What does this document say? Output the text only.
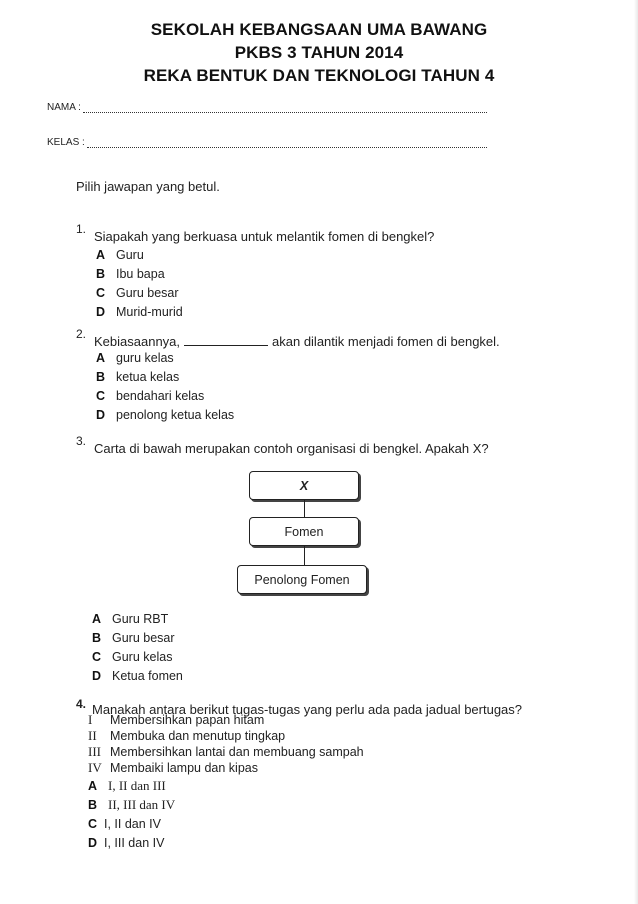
SEKOLAH KEBANGSAAN UMA BAWANG
PKBS 3 TAHUN 2014
REKA BENTUK DAN TEKNOLOGI TAHUN 4
NAMA :
KELAS :
Pilih jawapan yang betul.
1. Siapakah yang berkuasa untuk melantik fomen di bengkel?
A Guru
B Ibu bapa
C Guru besar
D Murid-murid
2. Kebiasaannya,	akan dilantik menjadi fomen di bengkel.
A guru kelas
B ketua kelas
C bendahari kelas
D penolong ketua kelas
3. Carta di bawah merupakan contoh organisasi di bengkel. Apakah X?
X
Fomen
Penolong Fomen
A Guru RBT
B Guru besar
C Guru kelas
D Ketua fomen
4. Manakah antara berikut tugas-tugas yang perlu ada pada jadual bertugas?
I	Membersihkan papan hitam
II	Membuka dan menutup tingkap
III Membersihkan lantai dan membuang sampah
IV Membaiki lampu dan kipas
A I, II dan III
B II, III dan IV
C I, II dan IV
D I, III dan IV
